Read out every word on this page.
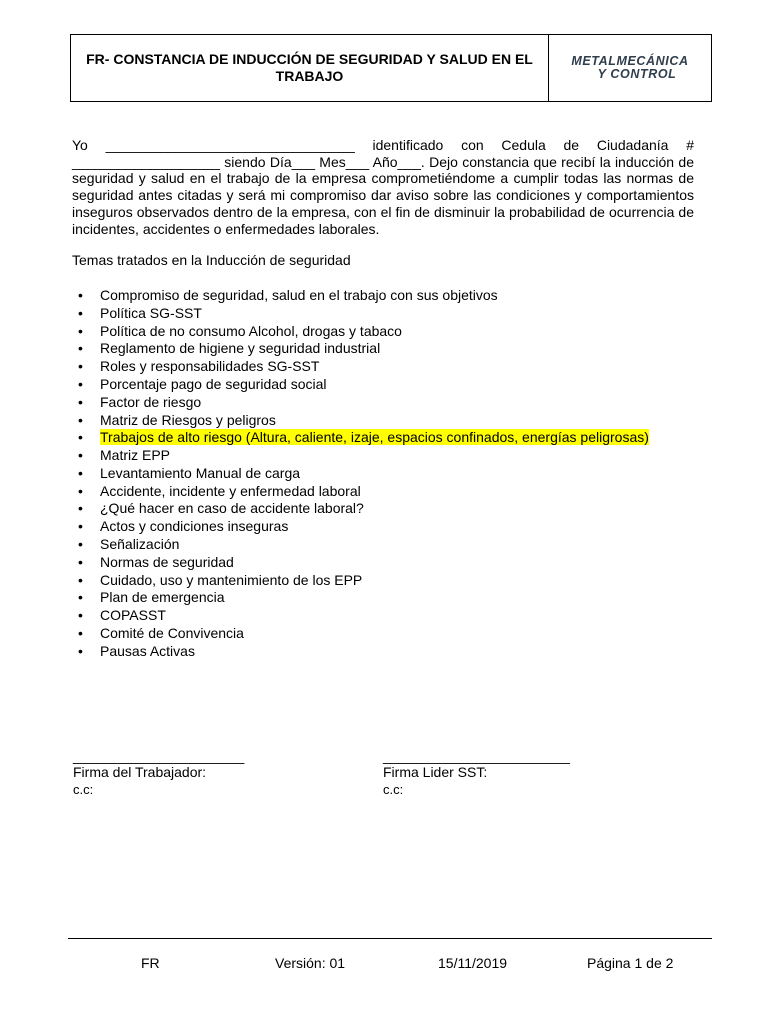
FR- CONSTANCIA DE INDUCCIÓN DE SEGURIDAD Y SALUD EN EL TRABAJO
METALMECÁNICA
Y CONTROL

Yo ________________________________ identificado con Cedula de Ciudadanía # ___________________ siendo Día___ Mes___ Año___. Dejo constancia que recibí la inducción de seguridad y salud en el trabajo de la empresa comprometiéndome a cumplir todas las normas de seguridad antes citadas y será mi compromiso dar aviso sobre las condiciones y comportamientos inseguros observados dentro de la empresa, con el fin de disminuir la probabilidad de ocurrencia de incidentes, accidentes o enfermedades laborales.

Temas tratados en la Inducción de seguridad
• Compromiso de seguridad, salud en el trabajo con sus objetivos
• Política SG-SST
• Política de no consumo Alcohol, drogas y tabaco
• Reglamento de higiene y seguridad industrial
• Roles y responsabilidades SG-SST
• Porcentaje pago de seguridad social
• Factor de riesgo
• Matriz de Riesgos y peligros
• Trabajos de alto riesgo (Altura, caliente, izaje, espacios confinados, energías peligrosas)
• Matriz EPP
• Levantamiento Manual de carga
• Accidente, incidente y enfermedad laboral
• ¿Qué hacer en caso de accidente laboral?
• Actos y condiciones inseguras
• Señalización
• Normas de seguridad
• Cuidado, uso y mantenimiento de los EPP
• Plan de emergencia
• COPASST
• Comité de Convivencia
• Pausas Activas
______________________
Firma del Trabajador:
c.c:
________________________
Firma Lider SST:
c.c:
FR	Versión: 01	15/11/2019	Página 1 de 2
